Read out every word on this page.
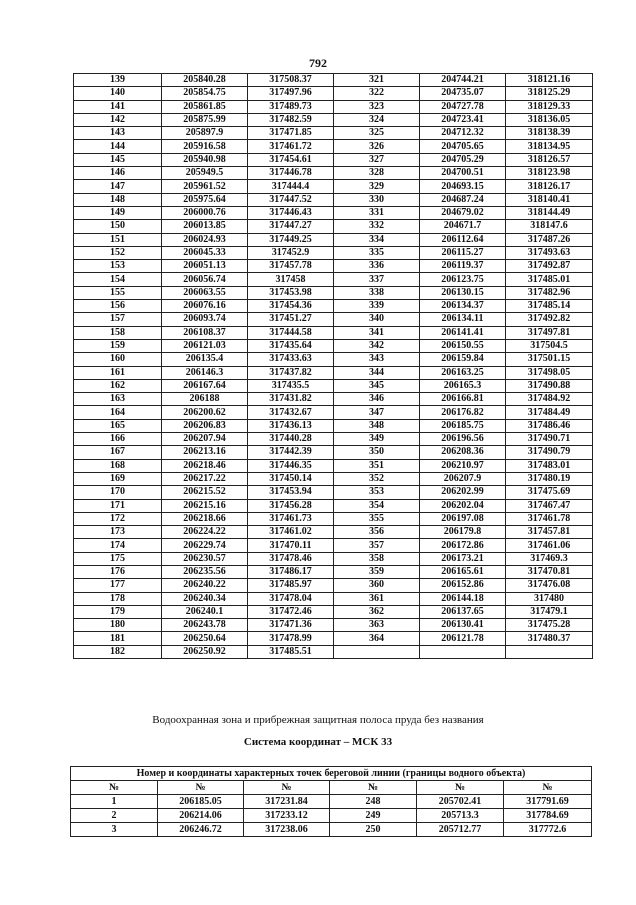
792
139	205840.28	317508.37	321	204744.21	318121.16
140	205854.75	317497.96	322	204735.07	318125.29
141	205861.85	317489.73	323	204727.78	318129.33
142	205875.99	317482.59	324	204723.41	318136.05
143	205897.9	317471.85	325	204712.32	318138.39
144	205916.58	317461.72	326	204705.65	318134.95
145	205940.98	317454.61	327	204705.29	318126.57
146	205949.5	317446.78	328	204700.51	318123.98
147	205961.52	317444.4	329	204693.15	318126.17
148	205975.64	317447.52	330	204687.24	318140.41
149	206000.76	317446.43	331	204679.02	318144.49
150	206013.85	317447.27	332	204671.7	318147.6
151	206024.93	317449.25	334	206112.64	317487.26
152	206045.33	317452.9	335	206115.27	317493.63
153	206051.13	317457.78	336	206119.37	317492.87
154	206056.74	317458	337	206123.75	317485.01
155	206063.55	317453.98	338	206130.15	317482.96
156	206076.16	317454.36	339	206134.37	317485.14
157	206093.74	317451.27	340	206134.11	317492.82
158	206108.37	317444.58	341	206141.41	317497.81
159	206121.03	317435.64	342	206150.55	317504.5
160	206135.4	317433.63	343	206159.84	317501.15
161	206146.3	317437.82	344	206163.25	317498.05
162	206167.64	317435.5	345	206165.3	317490.88
163	206188	317431.82	346	206166.81	317484.92
164	206200.62	317432.67	347	206176.82	317484.49
165	206206.83	317436.13	348	206185.75	317486.46
166	206207.94	317440.28	349	206196.56	317490.71
167	206213.16	317442.39	350	206208.36	317490.79
168	206218.46	317446.35	351	206210.97	317483.01
169	206217.22	317450.14	352	206207.9	317480.19
170	206215.52	317453.94	353	206202.99	317475.69
171	206215.16	317456.28	354	206202.04	317467.47
172	206218.66	317461.73	355	206197.08	317461.78
173	206224.22	317461.02	356	206179.8	317457.81
174	206229.74	317470.11	357	206172.86	317461.06
175	206230.57	317478.46	358	206173.21	317469.3
176	206235.56	317486.17	359	206165.61	317470.81
177	206240.22	317485.97	360	206152.86	317476.08
178	206240.34	317478.04	361	206144.18	317480
179	206240.1	317472.46	362	206137.65	317479.1
180	206243.78	317471.36	363	206130.41	317475.28
181	206250.64	317478.99	364	206121.78	317480.37
182	206250.92	317485.51			
Водоохранная зона и прибрежная защитная полоса пруда без названия
Система координат – МСК 33
Номер и координаты характерных точек береговой линии (границы водного объекта)					
№	№	№	№	№	№
1	206185.05	317231.84	248	205702.41	317791.69
2	206214.06	317233.12	249	205713.3	317784.69
3	206246.72	317238.06	250	205712.77	317772.6
